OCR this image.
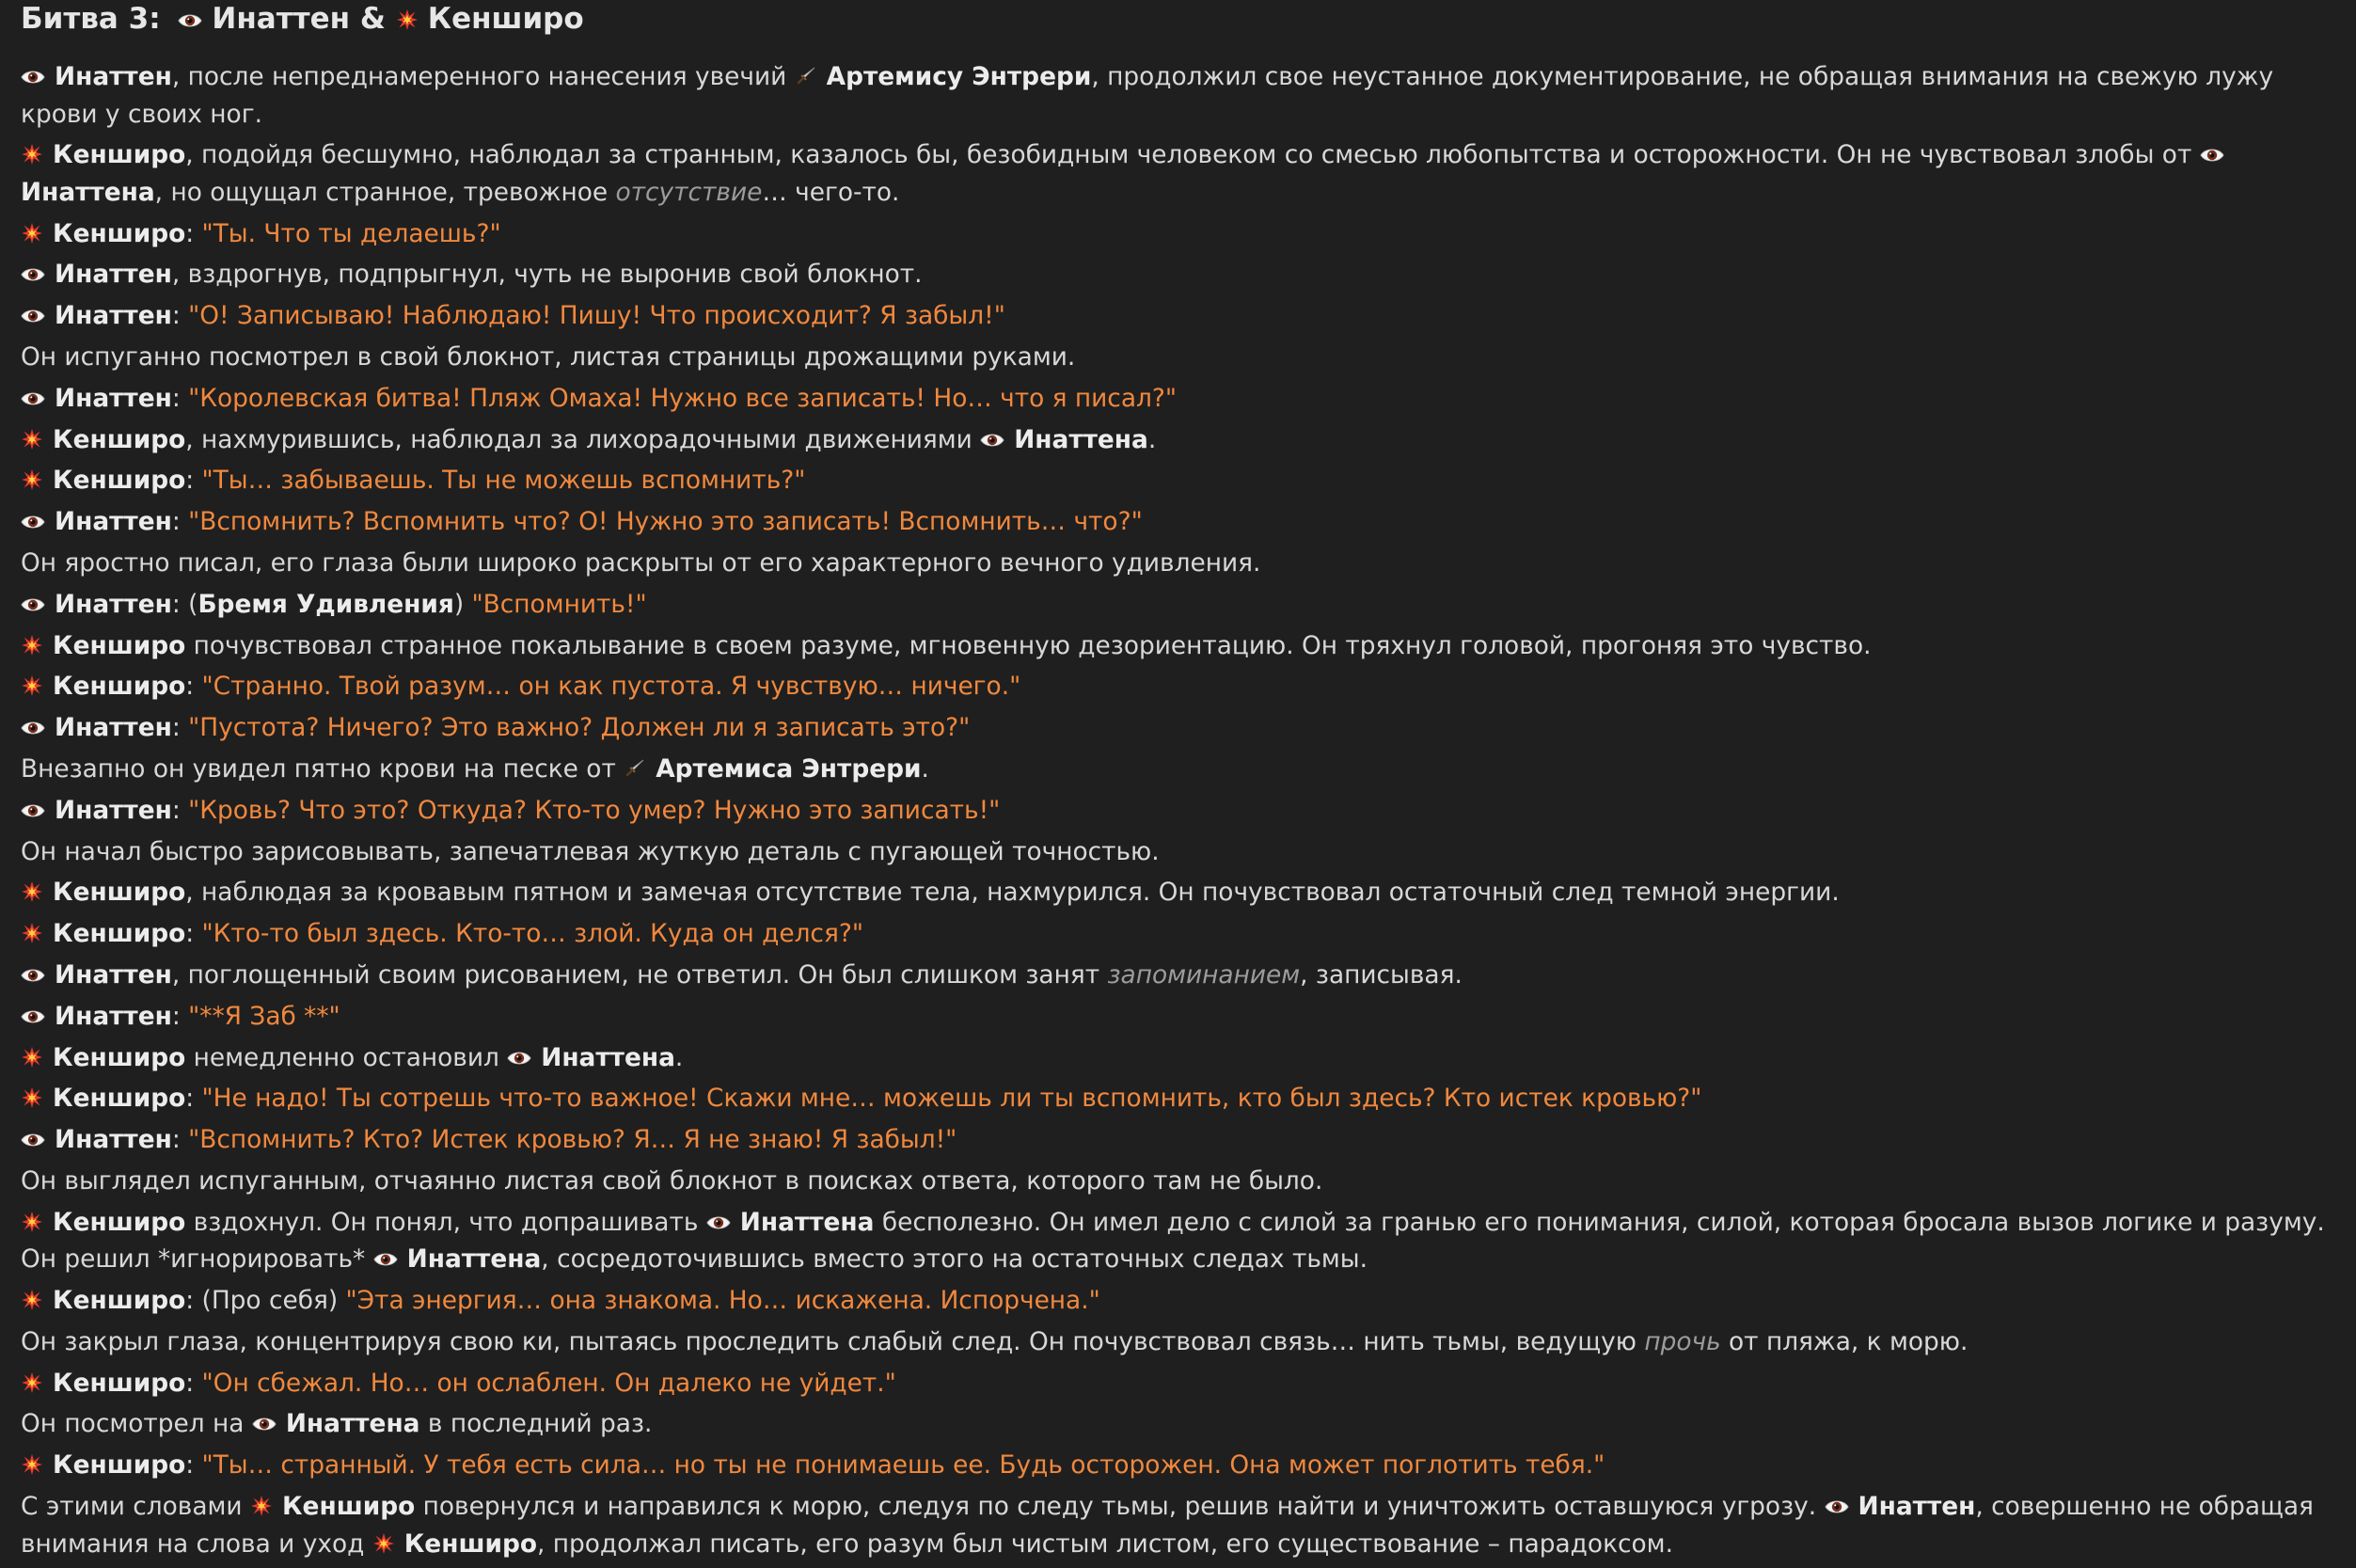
Битва 3: Инаттен & Кенширо

Инаттен, после непреднамеренного нанесения увечий
Артемису Энтрери, продолжил свое неустанное документирование, не обращая внимания на свежую лужу крови у своих ног.

Кенширо, подойдя бесшумно, наблюдал за странным, казалось бы, безобидным человеком со смесью любопытства и осторожности. Он не чувствовал злобы от
Инаттена, но ощущал странное, тревожное отсутствие… чего-то.

Кенширо: "Ты. Что ты делаешь?"

Инаттен, вздрогнув, подпрыгнул, чуть не выронив свой блокнот.

Инаттен: "О! Записываю! Наблюдаю! Пишу! Что происходит? Я забыл!"

Он испуганно посмотрел в свой блокнот, листая страницы дрожащими руками.

Инаттен: "Королевская битва! Пляж Омаха! Нужно все записать! Но… что я писал?"

Кенширо, нахмурившись, наблюдал за лихорадочными движениями
Инаттена.

Кенширо: "Ты… забываешь. Ты не можешь вспомнить?"

Инаттен: "Вспомнить? Вспомнить что? О! Нужно это записать! Вспомнить… что?"

Он яростно писал, его глаза были широко раскрыты от его характерного вечного удивления.

Инаттен: (Бремя Удивления) "Вспомнить!"

Кенширо почувствовал странное покалывание в своем разуме, мгновенную дезориентацию. Он тряхнул головой, прогоняя это чувство.

Кенширо: "Странно. Твой разум… он как пустота. Я чувствую… ничего."

Инаттен: "Пустота? Ничего? Это важно? Должен ли я записать это?"

Внезапно он увидел пятно крови на песке от
Артемиса Энтрери.

Инаттен: "Кровь? Что это? Откуда? Кто-то умер? Нужно это записать!"

Он начал быстро зарисовывать, запечатлевая жуткую деталь с пугающей точностью.

Кенширо, наблюдая за кровавым пятном и замечая отсутствие тела, нахмурился. Он почувствовал остаточный след темной энергии.

Кенширо: "Кто-то был здесь. Кто-то… злой. Куда он делся?"

Инаттен, поглощенный своим рисованием, не ответил. Он был слишком занят запоминанием, записывая.

Инаттен: "**Я Заб **"

Кенширо немедленно остановил
Инаттена.

Кенширо: "Не надо! Ты сотрешь что-то важное! Скажи мне… можешь ли ты вспомнить, кто был здесь? Кто истек кровью?"

Инаттен: "Вспомнить? Кто? Истек кровью? Я… Я не знаю! Я забыл!"

Он выглядел испуганным, отчаянно листая свой блокнот в поисках ответа, которого там не было.

Кенширо вздохнул. Он понял, что допрашивать
Инаттена бесполезно. Он имел дело с силой за гранью его понимания, силой, которая бросала вызов логике и разуму. Он решил *игнорировать*
Инаттена, сосредоточившись вместо этого на остаточных следах тьмы.

Кенширо: (Про себя) "Эта энергия… она знакома. Но… искажена. Испорчена."

Он закрыл глаза, концентрируя свою ки, пытаясь проследить слабый след. Он почувствовал связь… нить тьмы, ведущую прочь от пляжа, к морю.

Кенширо: "Он сбежал. Но… он ослаблен. Он далеко не уйдет."

Он посмотрел на
Инаттена в последний раз.

Кенширо: "Ты… странный. У тебя есть сила… но ты не понимаешь ее. Будь осторожен. Она может поглотить тебя."

С этими словами
Кенширо повернулся и направился к морю, следуя по следу тьмы, решив найти и уничтожить оставшуюся угрозу.
Инаттен, совершенно не обращая внимания на слова и уход
Кенширо, продолжал писать, его разум был чистым листом, его существование – парадоксом.
